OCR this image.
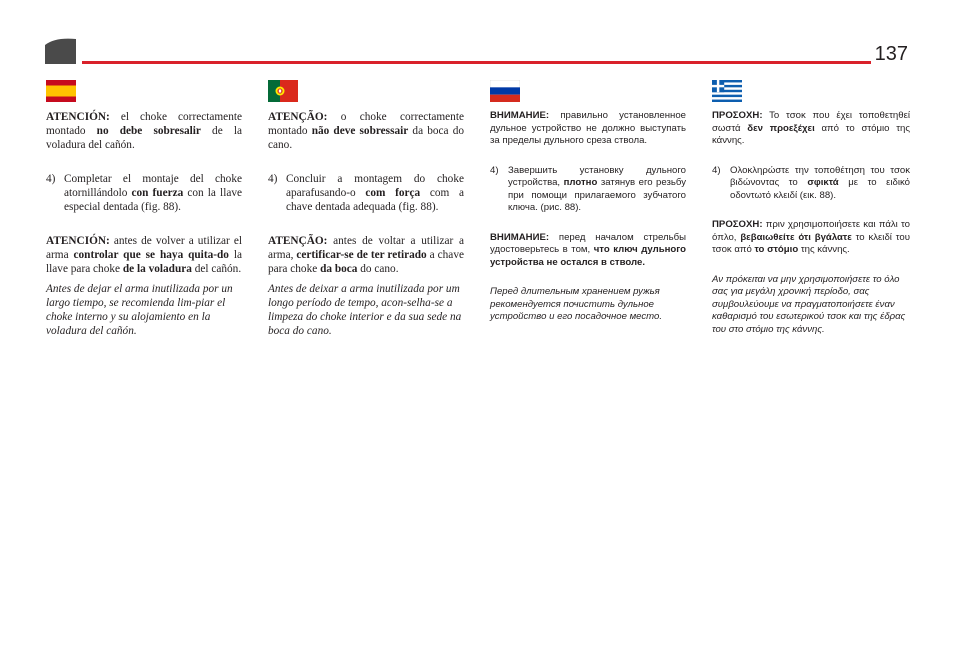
137

ATENCIÓN: el choke correctamente montado no debe sobresalir de la voladura del cañón.

4) Completar el montaje del choke atornillándolo con fuerza con la llave especial dentada (fig. 88).

ATENCIÓN: antes de volver a utilizar el arma controlar que se haya quita-do la llave para choke de la voladura del cañón.

Antes de dejar el arma inutilizada por un largo tiempo, se recomienda lim-piar el choke interno y su alojamiento en la voladura del cañón.

ATENÇÃO: o choke correctamente montado não deve sobressair da boca do cano.

4) Concluir a montagem do choke aparafusando-o com força com a chave dentada adequada (fig. 88).

ATENÇÃO: antes de voltar a utilizar a arma, certificar-se de ter retirado a chave para choke da boca do cano.

Antes de deixar a arma inutilizada por um longo período de tempo, acon-selha-se a limpeza do choke interior e da sua sede na boca do cano.

ВНИМАНИЕ: правильно установленное дульное устройство не должно выступать за пределы дульного среза ствола.

4) Завершить установку дульного устройства, плотно затянув его резьбу при помощи прилагаемого зубчатого ключа. (рис. 88).

ВНИМАНИЕ: перед началом стрельбы удостоверьтесь в том, что ключ дульного устройства не остался в стволе.

Перед длительным хранением ружья рекомендуется почистить дульное устройство и его посадочное место.

ΠΡΟΣΟΧΗ: Το τσοκ που έχει τοποθετηθεί σωστά δεν προεξέχει από το στόμιο της κάννης.

4) Ολοκληρώστε την τοποθέτηση του τσοκ βιδώνοντας το σφικτά με το ειδικό οδοντωτό κλειδί (εικ. 88).

ΠΡΟΣΟΧΗ: πριν χρησιμοποιήσετε και πάλι το όπλο, βεβαιωθείτε ότι βγάλατε το κλειδί του τσοκ από το στόμιο της κάννης.

Αν πρόκειται να μην χρησιμοποιήσετε το όλο σας για μεγάλη χρονική περίοδο, σας συμβουλεύουμε να πραγματοποιήσετε έναν καθαρισμό του εσωτερικού τσοκ και της έδρας του στο στόμιο της κάννης.
